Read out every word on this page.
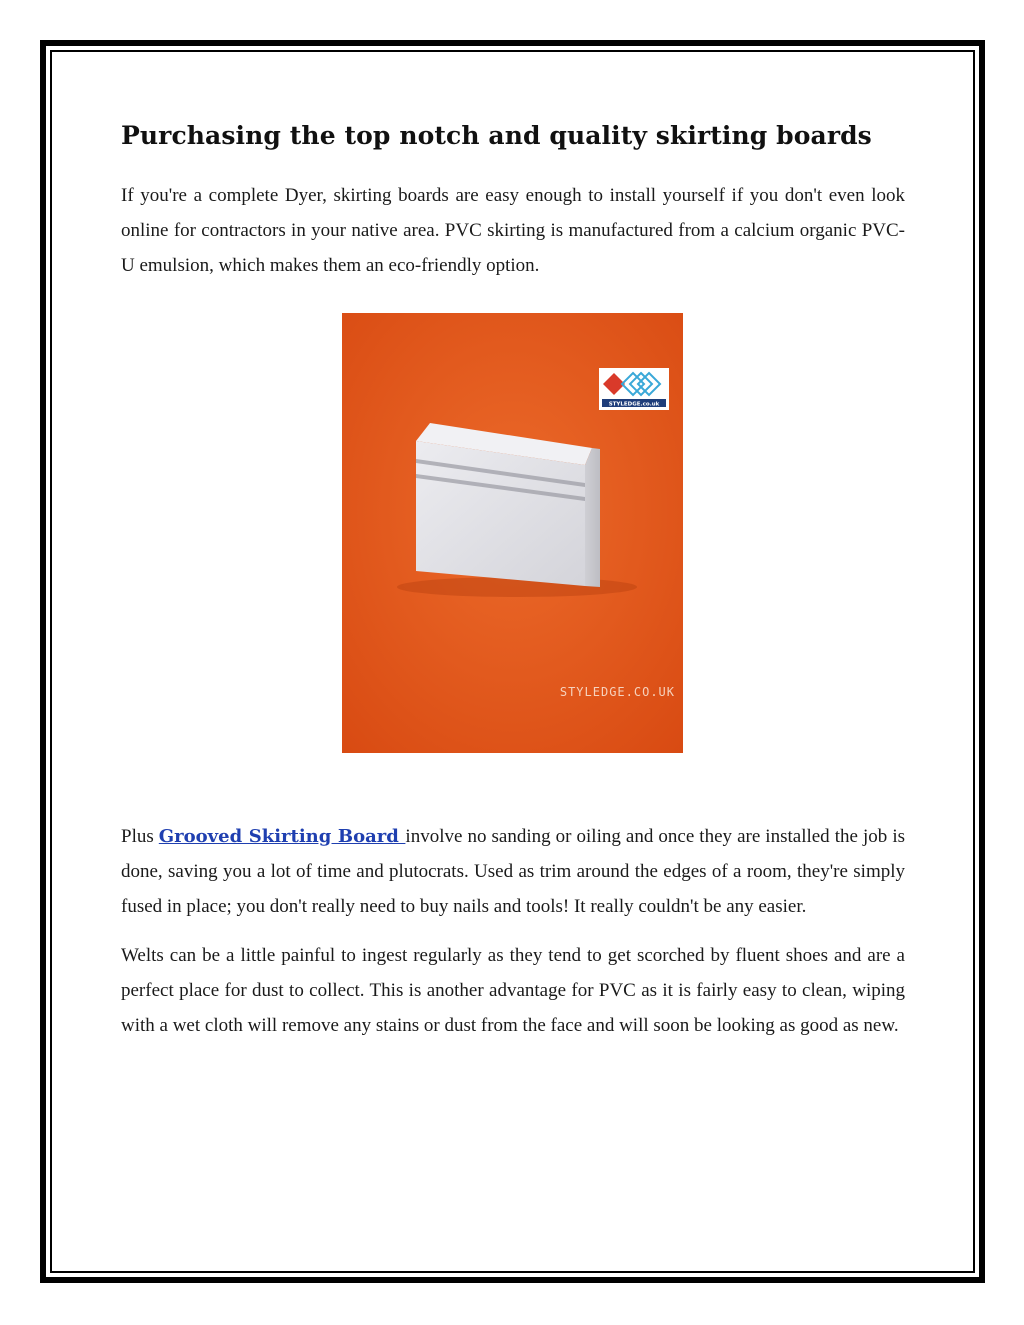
Purchasing the top notch and quality skirting boards

If you're a complete Dyer, skirting boards are easy enough to install yourself if you don't even look online for contractors in your native area. PVC skirting is manufactured from a calcium organic PVC-U emulsion, which makes them an eco-friendly option.

STYLEDGE.co.uk
STYLEDGE.CO.UK

Plus Grooved Skirting Board involve no sanding or oiling and once they are installed the job is done, saving you a lot of time and plutocrats. Used as trim around the edges of a room, they're simply fused in place; you don't really need to buy nails and tools! It really couldn't be any easier.

Welts can be a little painful to ingest regularly as they tend to get scorched by fluent shoes and are a perfect place for dust to collect. This is another advantage for PVC as it is fairly easy to clean, wiping with a wet cloth will remove any stains or dust from the face and will soon be looking as good as new.
